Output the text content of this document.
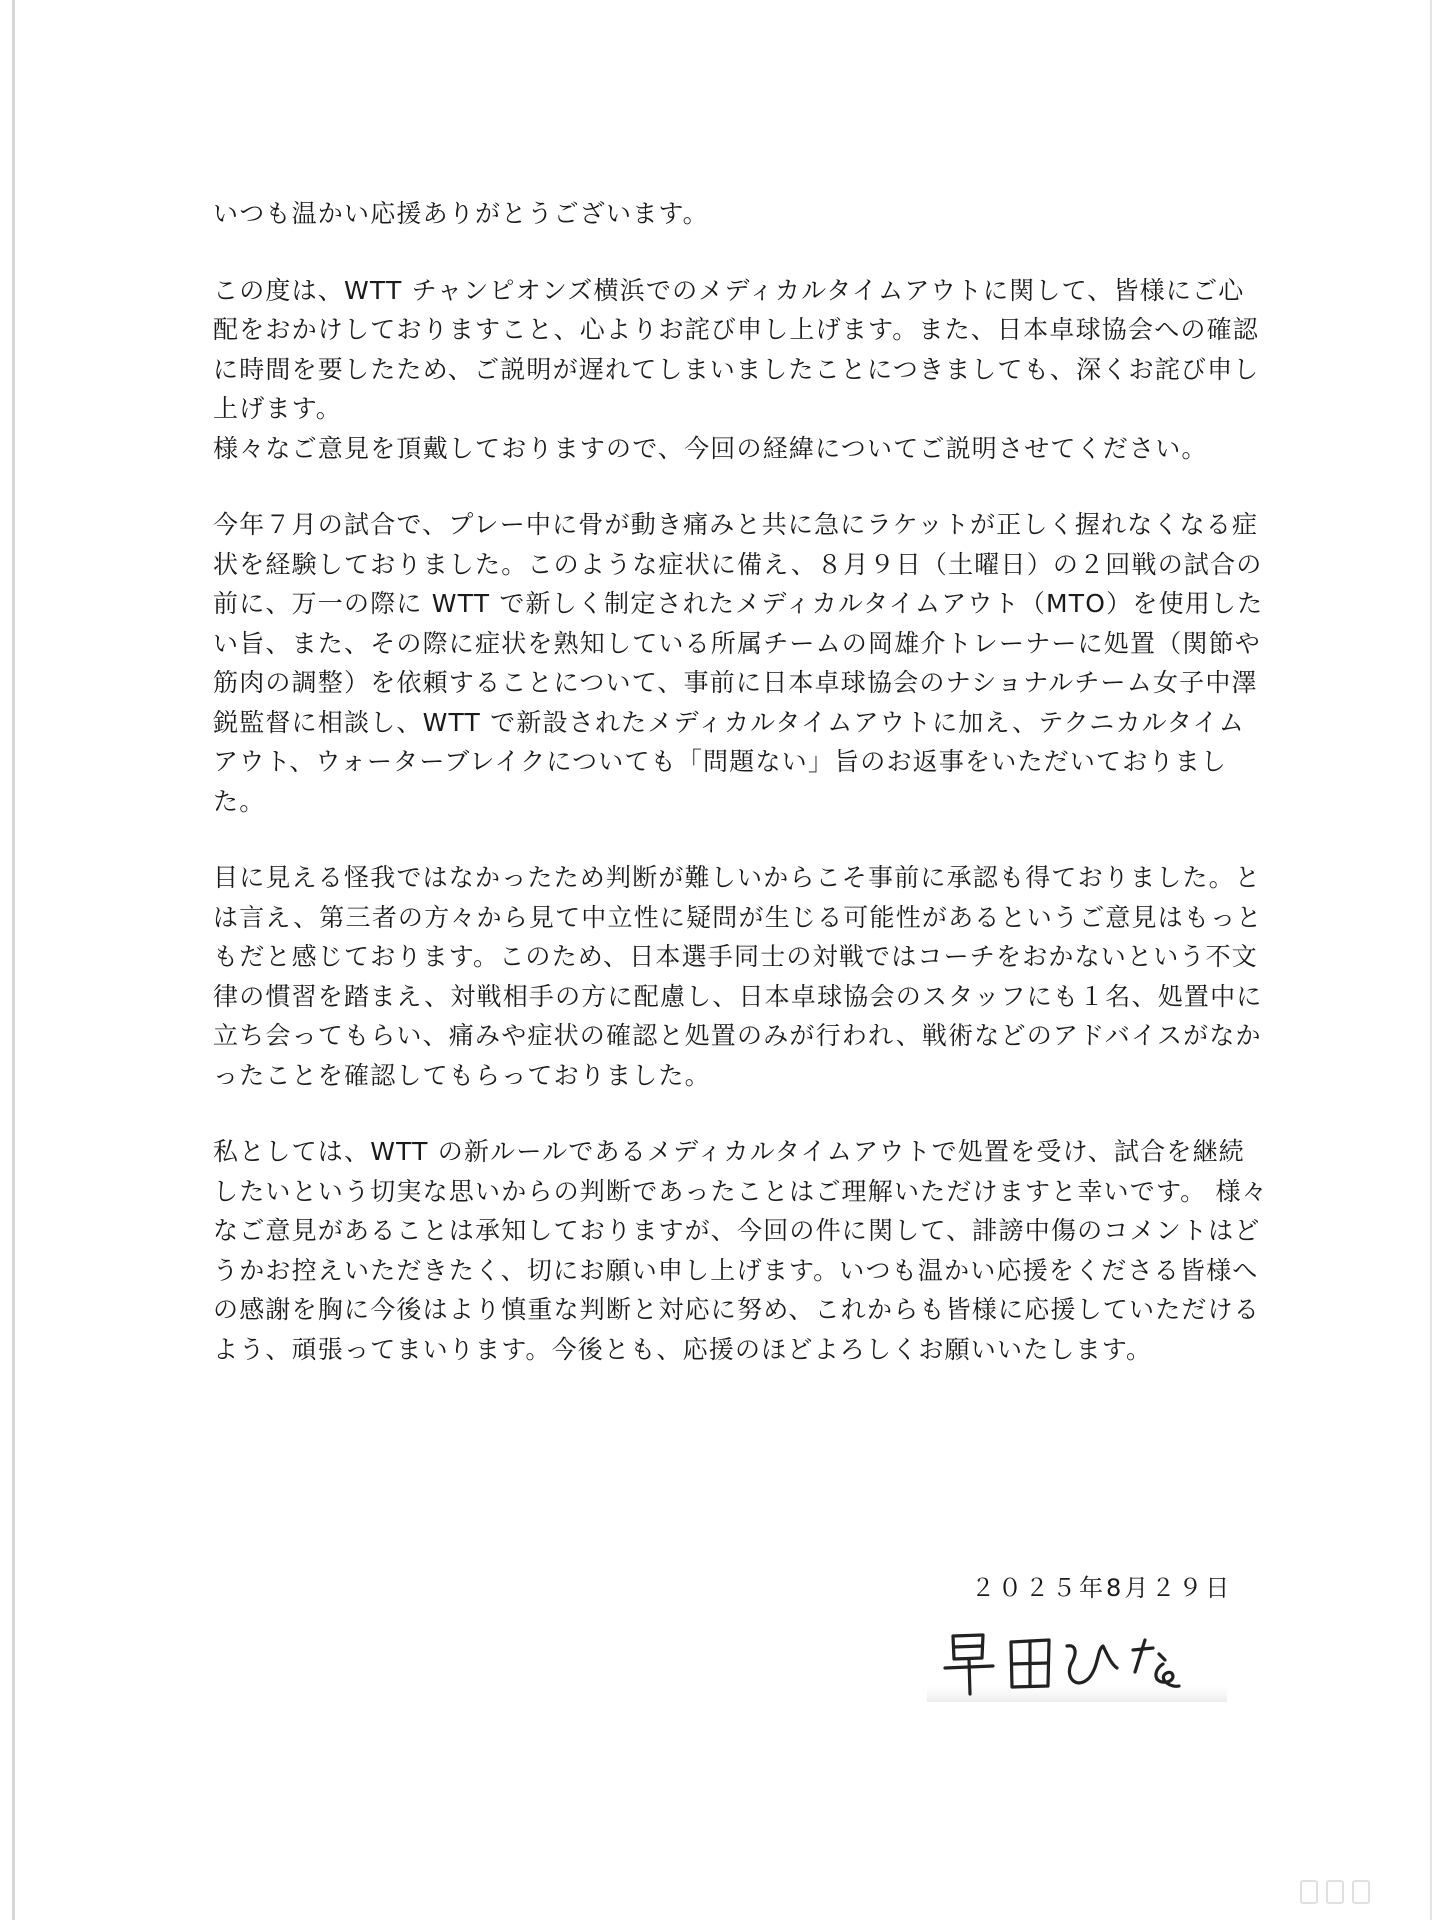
いつも温かい応援ありがとうございます。
この度は、WTT チャンピオンズ横浜でのメディカルタイムアウトに関して、皆様にご心
配をおかけしておりますこと、心よりお詫び申し上げます。また、日本卓球協会への確認
に時間を要したため、ご説明が遅れてしまいましたことにつきましても、深くお詫び申し
上げます。
様々なご意見を頂戴しておりますので、今回の経緯についてご説明させてください。
今年７月の試合で、プレー中に骨が動き痛みと共に急にラケットが正しく握れなくなる症
状を経験しておりました。このような症状に備え、８月９日（土曜日）の２回戦の試合の
前に、万一の際に WTT で新しく制定されたメディカルタイムアウト（MTO）を使用した
い旨、また、その際に症状を熟知している所属チームの岡雄介トレーナーに処置（関節や
筋肉の調整）を依頼することについて、事前に日本卓球協会のナショナルチーム女子中澤
鋭監督に相談し、WTT で新設されたメディカルタイムアウトに加え、テクニカルタイム
アウト、ウォーターブレイクについても「問題ない」旨のお返事をいただいておりまし
た。
目に見える怪我ではなかったため判断が難しいからこそ事前に承認も得ておりました。と
は言え、第三者の方々から見て中立性に疑問が生じる可能性があるというご意見はもっと
もだと感じております。このため、日本選手同士の対戦ではコーチをおかないという不文
律の慣習を踏まえ、対戦相手の方に配慮し、日本卓球協会のスタッフにも１名、処置中に
立ち会ってもらい、痛みや症状の確認と処置のみが行われ、戦術などのアドバイスがなか
ったことを確認してもらっておりました。
私としては、WTT の新ルールであるメディカルタイムアウトで処置を受け、試合を継続
したいという切実な思いからの判断であったことはご理解いただけますと幸いです。 様々
なご意見があることは承知しておりますが、今回の件に関して、誹謗中傷のコメントはど
うかお控えいただきたく、切にお願い申し上げます。いつも温かい応援をくださる皆様へ
の感謝を胸に今後はより慎重な判断と対応に努め、これからも皆様に応援していただける
よう、頑張ってまいります。今後とも、応援のほどよろしくお願いいたします。
２０２５年8月２９日
